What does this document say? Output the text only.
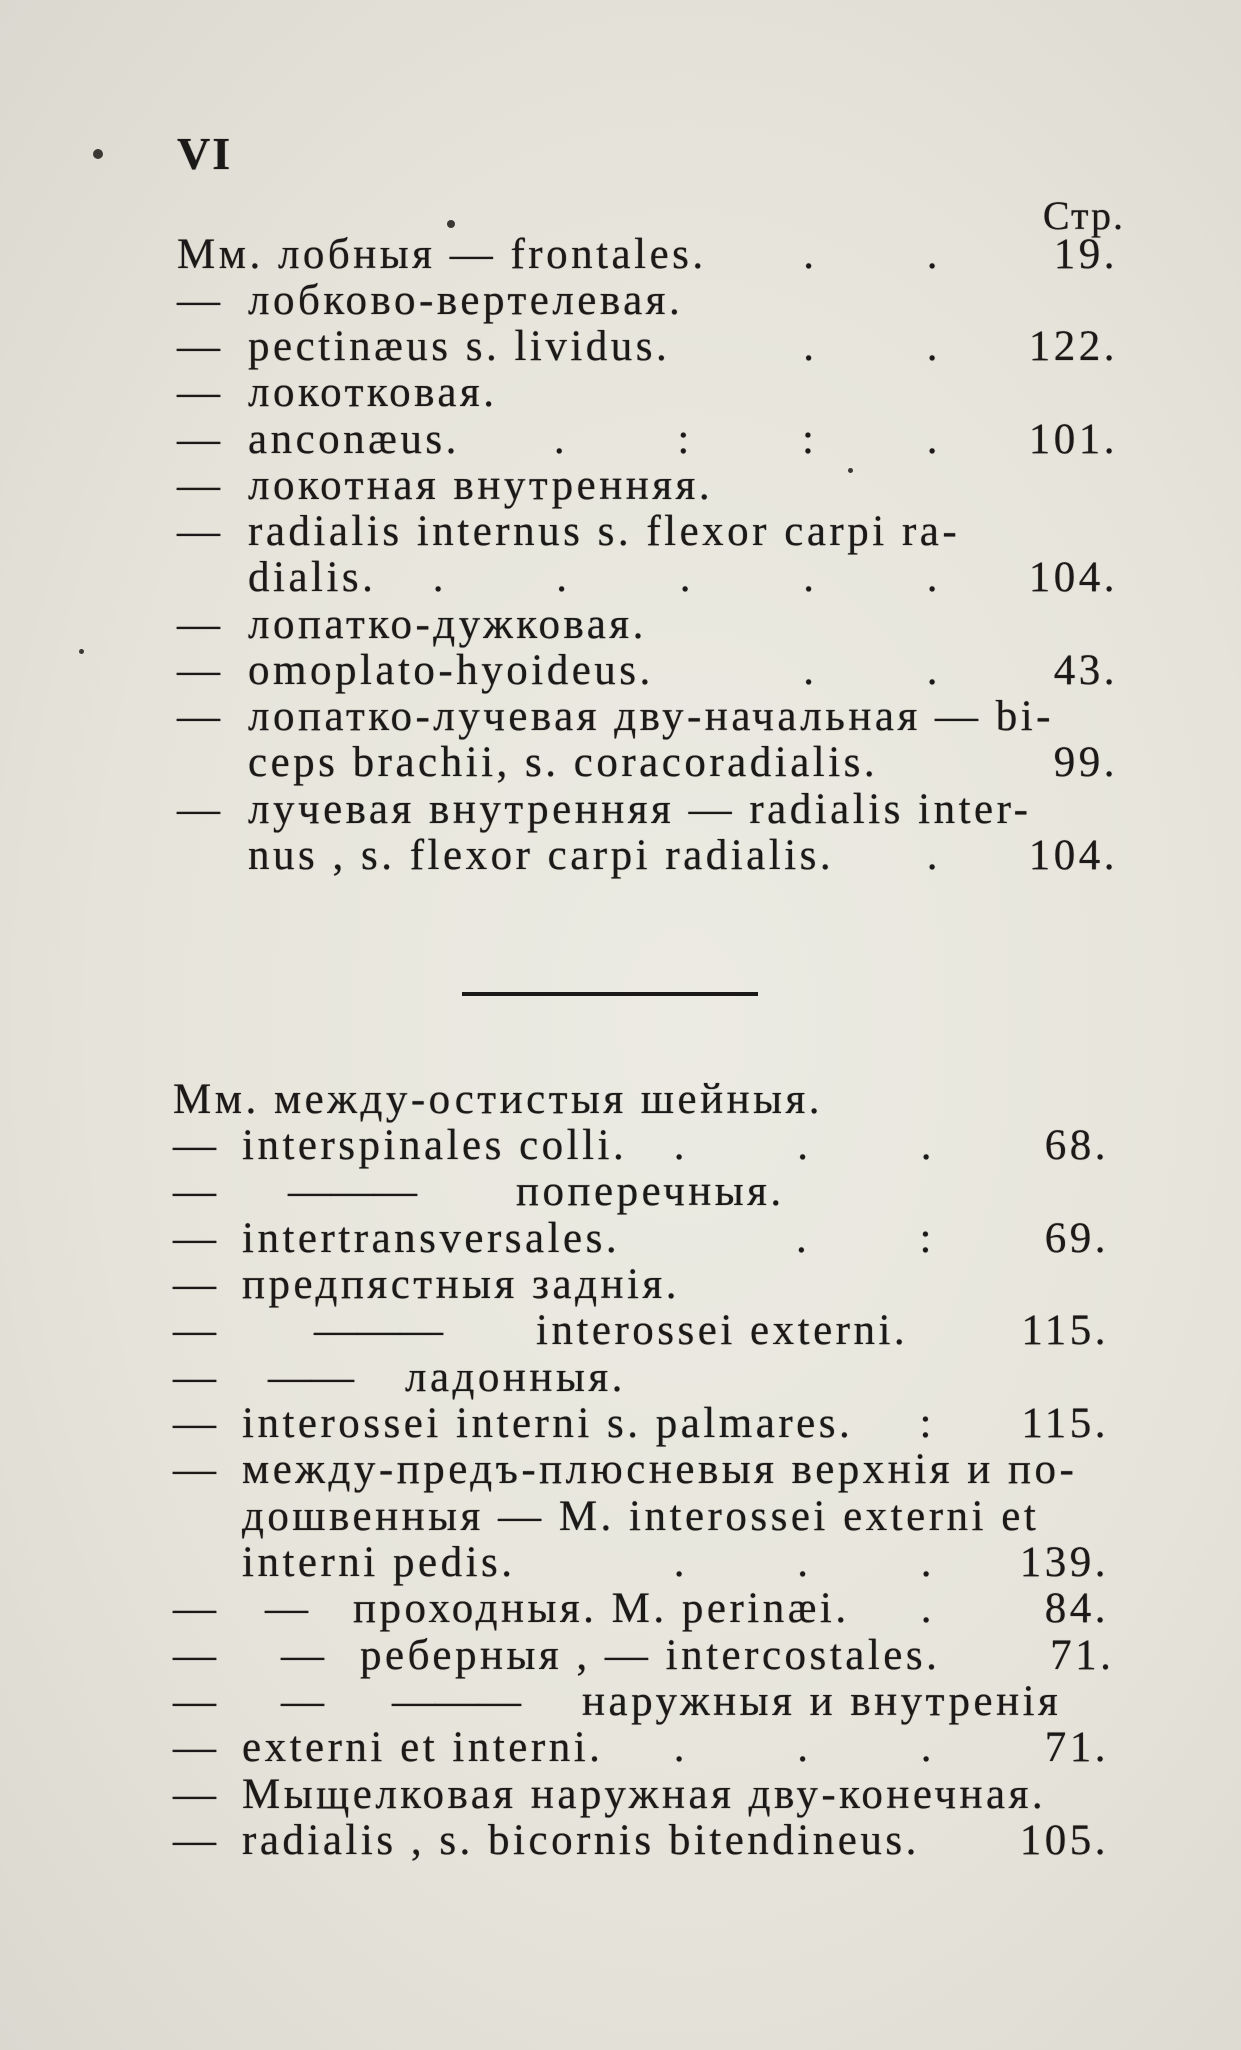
VI
Стр.
Мм. лобныя — frontales.	. .	19.
— лобково-вертелевая.
— pectinæus s. lividus.	. .	122.
— локотковая.
— anconæus.	. : : .	101.
— локотная внутренняя.
— radialis internus s. flexor carpi ra-
dialis.	. . . . .	104.
— лопатко-дужковая.
— omoplato-hyoideus.	. .	43.
— лопатко-лучевая дву-начальная — bi-
ceps brachii, s. coracoradialis.	99.
— лучевая внутренняя — radialis inter-
nus , s. flexor carpi radialis.	.	104.
Мм. между-остистыя шейныя.
— interspinales colli.	. . .	68.
—	——— поперечныя.
— intertransversales.	. :	69.
— предпястныя заднія.
—	——— interossei externi.	115.
—	—— ладонныя.
— interossei interni s. palmares.	:	115.
— между-предъ-плюсневыя верхнія и по-
дошвенныя — M. interossei externi et
interni pedis.	. . .	139.
—	— проходныя. M. perinæi.	.	84.
—	— реберныя , — intercostales.	71.
—	— ——— наружныя и внутренія
— externi et interni.	. . .	71.
— Мыщелковая наружная дву-конечная.
— radialis , s. bicornis bitendineus.	105.
